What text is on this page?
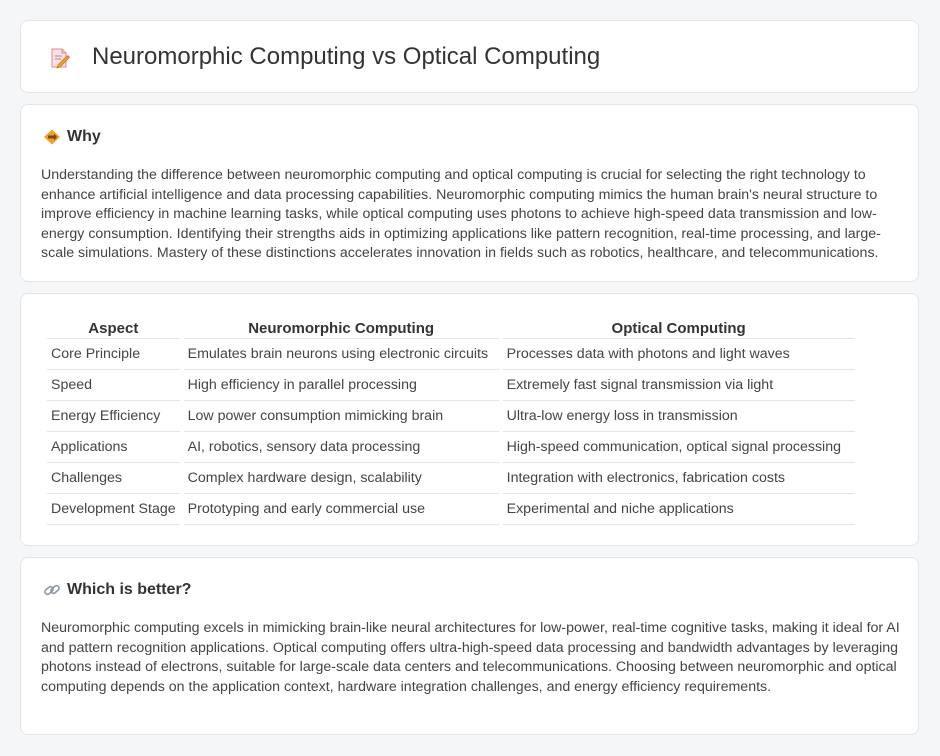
Neuromorphic Computing vs Optical Computing
Why

Understanding the difference between neuromorphic computing and optical computing is crucial for selecting the right technology to enhance artificial intelligence and data processing capabilities. Neuromorphic computing mimics the human brain's neural structure to improve efficiency in machine learning tasks, while optical computing uses photons to achieve high-speed data transmission and low-energy consumption. Identifying their strengths aids in optimizing applications like pattern recognition, real-time processing, and large-scale simulations. Mastery of these distinctions accelerates innovation in fields such as robotics, healthcare, and telecommunications.

Aspect	Neuromorphic Computing	Optical Computing
Core Principle	Emulates brain neurons using electronic circuits	Processes data with photons and light waves
Speed	High efficiency in parallel processing	Extremely fast signal transmission via light
Energy Efficiency	Low power consumption mimicking brain	Ultra-low energy loss in transmission
Applications	AI, robotics, sensory data processing	High-speed communication, optical signal processing
Challenges	Complex hardware design, scalability	Integration with electronics, fabrication costs
Development Stage	Prototyping and early commercial use	Experimental and niche applications
Which is better?

Neuromorphic computing excels in mimicking brain-like neural architectures for low-power, real-time cognitive tasks, making it ideal for AI and pattern recognition applications. Optical computing offers ultra-high-speed data processing and bandwidth advantages by leveraging photons instead of electrons, suitable for large-scale data centers and telecommunications. Choosing between neuromorphic and optical computing depends on the application context, hardware integration challenges, and energy efficiency requirements.
